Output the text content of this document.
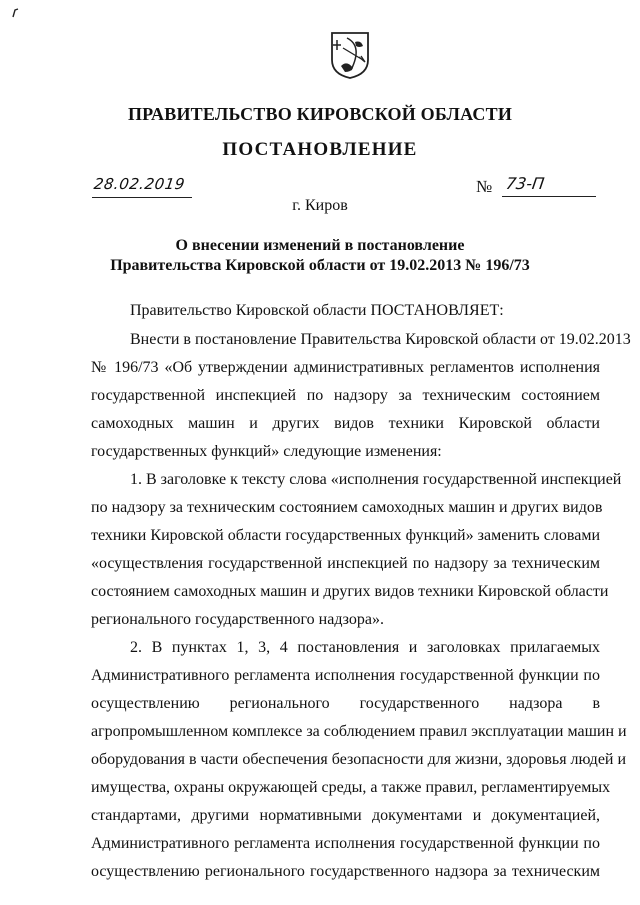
ПРАВИТЕЛЬСТВО КИРОВСКОЙ ОБЛАСТИ
ПОСТАНОВЛЕНИЕ
28.02.2019	№ 73-П
г. Киров
О внесении изменений в постановление
Правительства Кировской области от 19.02.2013 № 196/73
Правительство Кировской области ПОСТАНОВЛЯЕТ:
Внести в постановление Правительства Кировской области от 19.02.2013
№ 196/73 «Об утверждении административных регламентов исполнения
государственной инспекцией по надзору за техническим состоянием
самоходных машин и других видов техники Кировской области
государственных функций» следующие изменения:
1. В заголовке к тексту слова «исполнения государственной инспекцией
по надзору за техническим состоянием самоходных машин и других видов
техники Кировской области государственных функций» заменить словами
«осуществления государственной инспекцией по надзору за техническим
состоянием самоходных машин и других видов техники Кировской области
регионального государственного надзора».
2. В пунктах 1, 3, 4 постановления и заголовках прилагаемых
Административного регламента исполнения государственной функции по
осуществлению регионального государственного надзора в
агропромышленном комплексе за соблюдением правил эксплуатации машин и
оборудования в части обеспечения безопасности для жизни, здоровья людей и
имущества, охраны окружающей среды, а также правил, регламентируемых
стандартами, другими нормативными документами и документацией,
Административного регламента исполнения государственной функции по
осуществлению регионального государственного надзора за техническим
